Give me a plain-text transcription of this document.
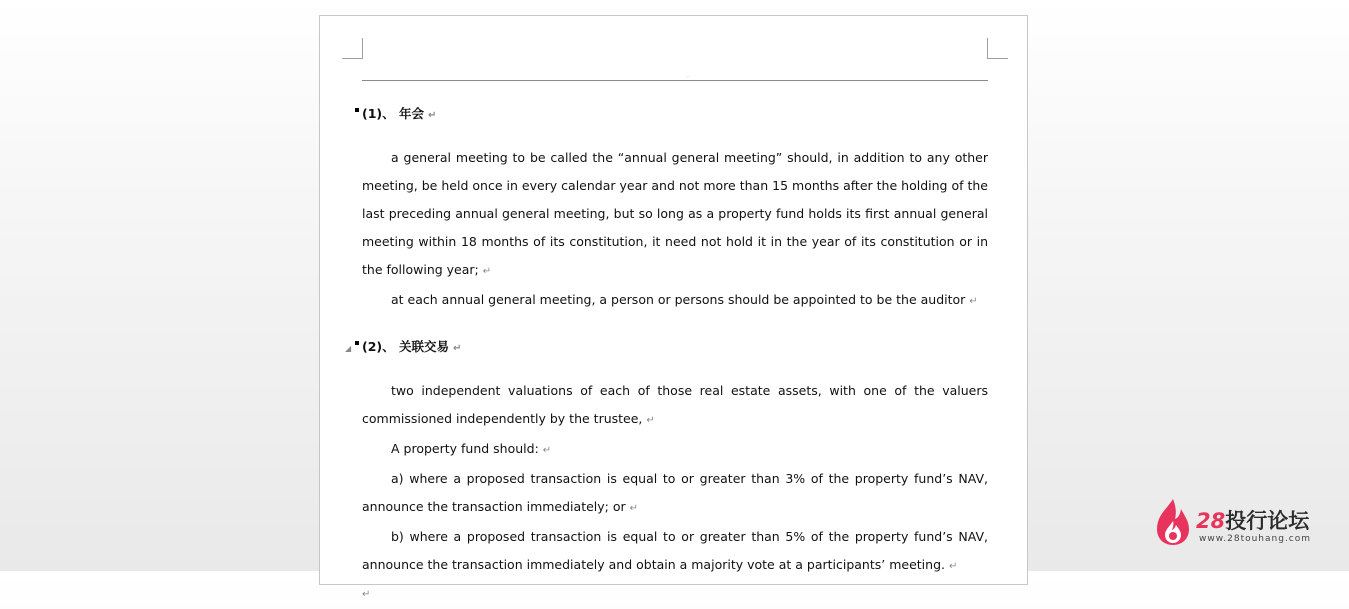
.
(1)、 年会 ↵

a general meeting to be called the “annual general meeting” should, in addition to any other meeting, be held once in every calendar year and not more than 15 months after the holding of the last preceding annual general meeting, but so long as a property fund holds its first annual general meeting within 18 months of its constitution, it need not hold it in the year of its constitution or in the following year; ↵

at each annual general meeting, a person or persons should be appointed to be the auditor ↵

◢ (2)、 关联交易 ↵

two independent valuations of each of those real estate assets, with one of the valuers commissioned independently by the trustee, ↵

A property fund should: ↵

a) where a proposed transaction is equal to or greater than 3% of the property fund’s NAV, announce the transaction immediately; or ↵

b) where a proposed transaction is equal to or greater than 5% of the property fund’s NAV, announce the transaction immediately and obtain a majority vote at a participants’ meeting. ↵

↵
28投行论坛
www.28touhang.com
